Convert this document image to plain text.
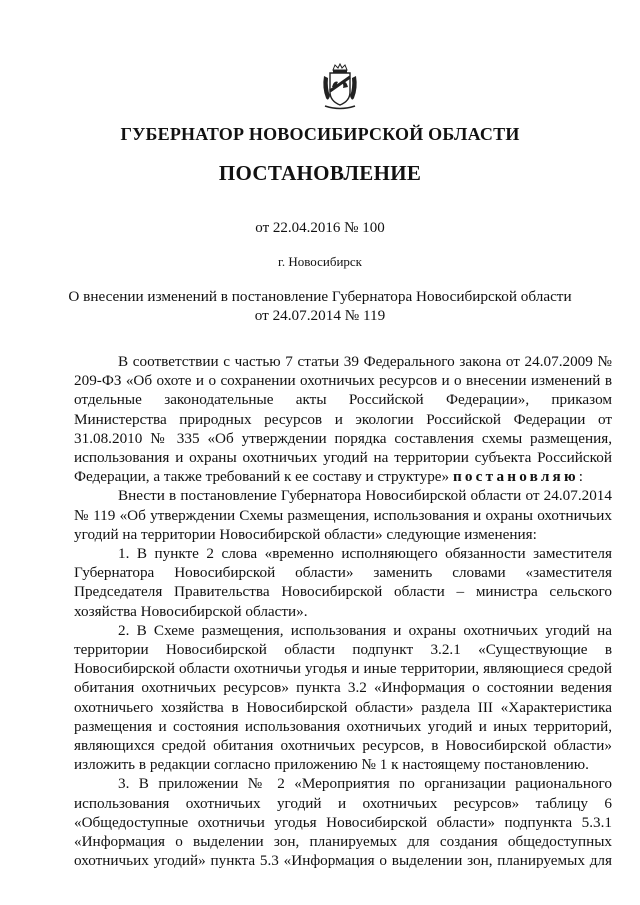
ГУБЕРНАТОР НОВОСИБИРСКОЙ ОБЛАСТИ
ПОСТАНОВЛЕНИЕ
от 22.04.2016 № 100
г. Новосибирск
О внесении изменений в постановление Губернатора Новосибирской области
от 24.07.2014 № 119

В соответствии с частью 7 статьи 39 Федерального закона от 24.07.2009 № 209-ФЗ «Об охоте и о сохранении охотничьих ресурсов и о внесении изменений в отдельные законодательные акты Российской Федерации», приказом Министерства природных ресурсов и экологии Российской Федерации от 31.08.2010 № 335 «Об утверждении порядка составления схемы размещения, использования и охраны охотничьих угодий на территории субъекта Российской Федерации, а также требований к ее составу и структуре» постановляю:

Внести в постановление Губернатора Новосибирской области от 24.07.2014 № 119 «Об утверждении Схемы размещения, использования и охраны охотничьих угодий на территории Новосибирской области» следующие изменения:

1. В пункте 2 слова «временно исполняющего обязанности заместителя Губернатора Новосибирской области» заменить словами «заместителя Председателя Правительства Новосибирской области – министра сельского хозяйства Новосибирской области».

2. В Схеме размещения, использования и охраны охотничьих угодий на территории Новосибирской области подпункт 3.2.1 «Существующие в Новосибирской области охотничьи угодья и иные территории, являющиеся средой обитания охотничьих ресурсов» пункта 3.2 «Информация о состоянии ведения охотничьего хозяйства в Новосибирской области» раздела III «Характеристика размещения и состояния использования охотничьих угодий и иных территорий, являющихся средой обитания охотничьих ресурсов, в Новосибирской области» изложить в редакции согласно приложению № 1 к настоящему постановлению.

3. В приложении № 2 «Мероприятия по организации рационального использования охотничьих угодий и охотничьих ресурсов» таблицу 6 «Общедоступные охотничьи угодья Новосибирской области» подпункта 5.3.1 «Информация о выделении зон, планируемых для создания общедоступных охотничьих угодий» пункта 5.3 «Информация о выделении зон, планируемых для
